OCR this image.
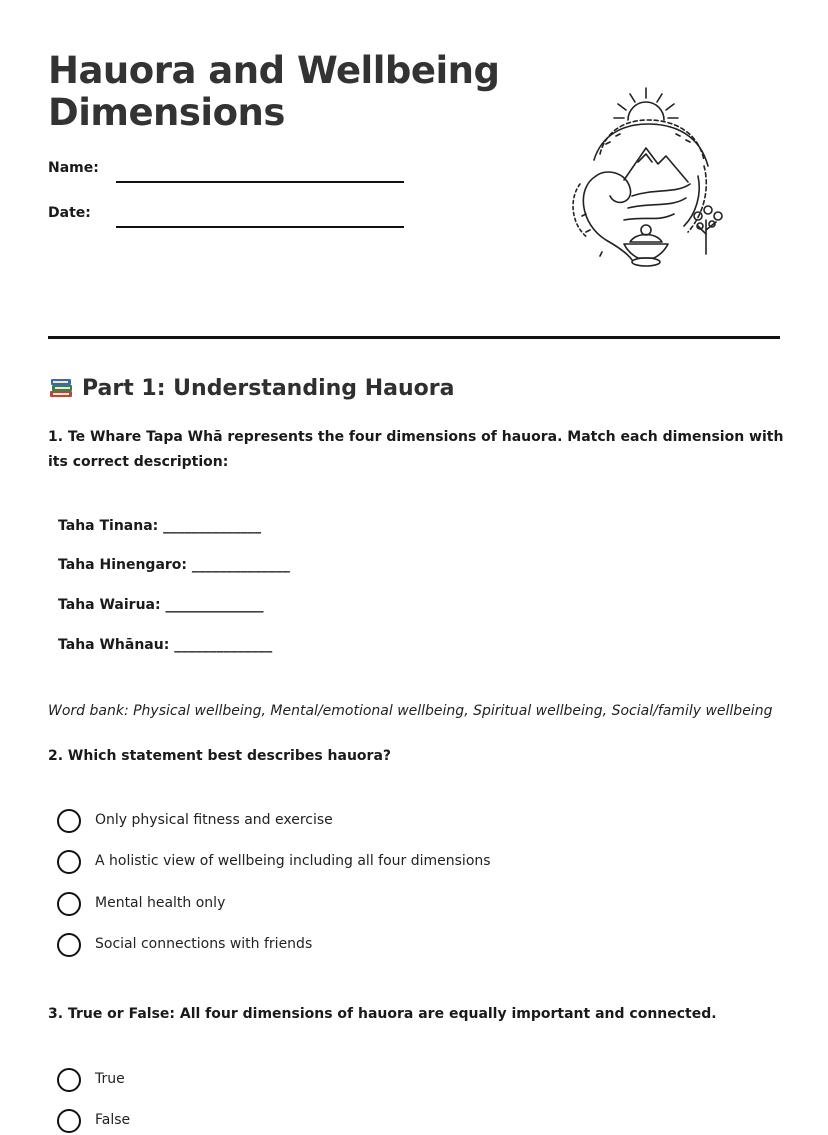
Hauora and Wellbeing Dimensions
Name:
Date:
Part 1: Understanding Hauora

1. Te Whare Tapa Whā represents the four dimensions of hauora. Match each dimension with its correct description:

Taha Tinana: ______________
Taha Hinengaro: ______________
Taha Wairua: ______________
Taha Whānau: ______________
Word bank: Physical wellbeing, Mental/emotional wellbeing, Spiritual wellbeing, Social/family wellbeing

2. Which statement best describes hauora?

Only physical fitness and exercise
A holistic view of wellbeing including all four dimensions
Mental health only
Social connections with friends

3. True or False: All four dimensions of hauora are equally important and connected.

True
False
